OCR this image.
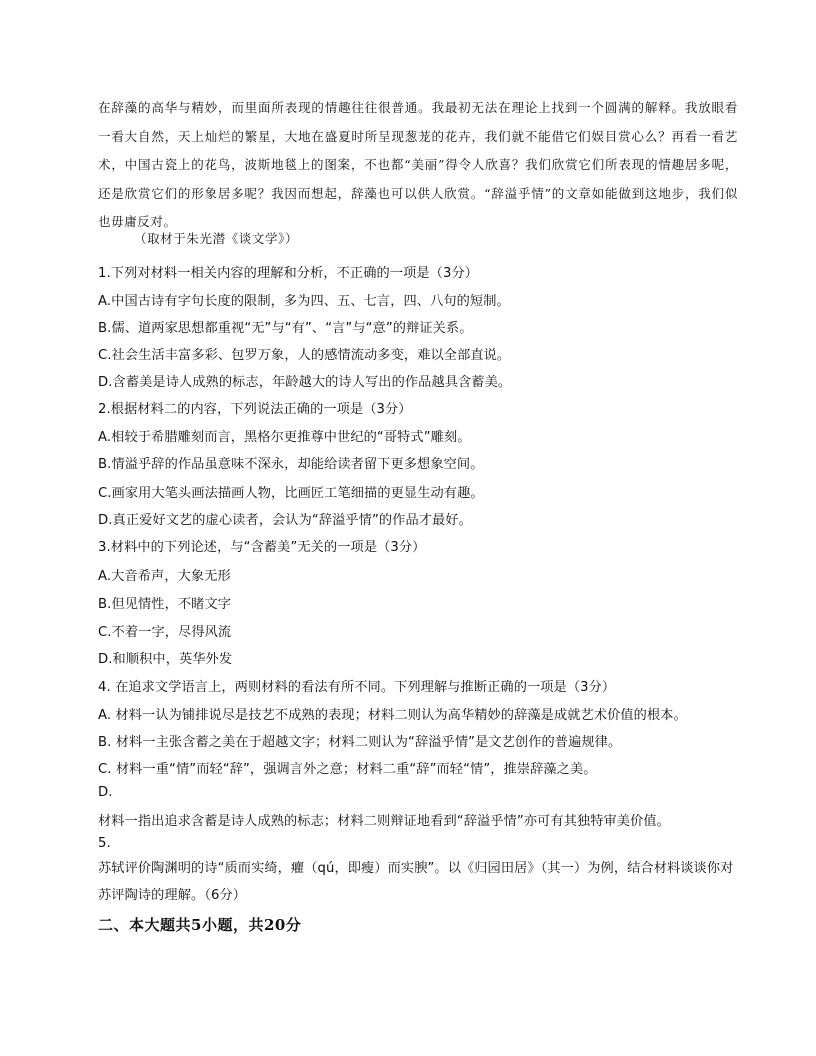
在辞藻的高华与精妙，而里面所表现的情趣往往很普通。我最初无法在理论上找到一个圆满的解释。我放眼看一看大自然，天上灿烂的繁星，大地在盛夏时所呈现葱茏的花卉，我们就不能借它们娱目赏心么？再看一看艺术，中国古瓷上的花鸟，波斯地毯上的图案，不也都“美丽”得令人欣喜？我们欣赏它们所表现的情趣居多呢，还是欣赏它们的形象居多呢？我因而想起，辞藻也可以供人欣赏。“辞溢乎情”的文章如能做到这地步，我们似也毋庸反对。

（取材于朱光潜《谈文学》）

1.下列对材料一相关内容的理解和分析，不正确的一项是（3分）

A.中国古诗有字句长度的限制，多为四、五、七言，四、八句的短制。

B.儒、道两家思想都重视“无”与“有”、“言”与“意”的辩证关系。

C.社会生活丰富多彩、包罗万象，人的感情流动多变，难以全部直说。

D.含蓄美是诗人成熟的标志，年龄越大的诗人写出的作品越具含蓄美。

2.根据材料二的内容，下列说法正确的一项是（3分）

A.相较于希腊雕刻而言，黑格尔更推尊中世纪的“哥特式”雕刻。

B.情溢乎辞的作品虽意味不深永，却能给读者留下更多想象空间。

C.画家用大笔头画法描画人物，比画匠工笔细描的更显生动有趣。

D.真正爱好文艺的虚心读者，会认为“辞溢乎情”的作品才最好。

3.材料中的下列论述，与“含蓄美”无关的一项是（3分）

A.大音希声，大象无形

B.但见情性，不睹文字

C.不着一字，尽得风流

D.和顺积中，英华外发

4. 在追求文学语言上，两则材料的看法有所不同。下列理解与推断正确的一项是（3分）

A. 材料一认为铺排说尽是技艺不成熟的表现；材料二则认为高华精妙的辞藻是成就艺术价值的根本。

B. 材料一主张含蓄之美在于超越文字；材料二则认为“辞溢乎情”是文艺创作的普遍规律。

C. 材料一重“情”而轻“辞”，强调言外之意；材料二重“辞”而轻“情”，推崇辞藻之美。

D.

材料一指出追求含蓄是诗人成熟的标志；材料二则辩证地看到“辞溢乎情”亦可有其独特审美价值。

5.

苏轼评价陶渊明的诗“质而实绮，癯（qú，即瘦）而实腴”。以《归园田居》（其一）为例，结合材料谈谈你对苏评陶诗的理解。（6分）

二、本大题共5小题，共20分
